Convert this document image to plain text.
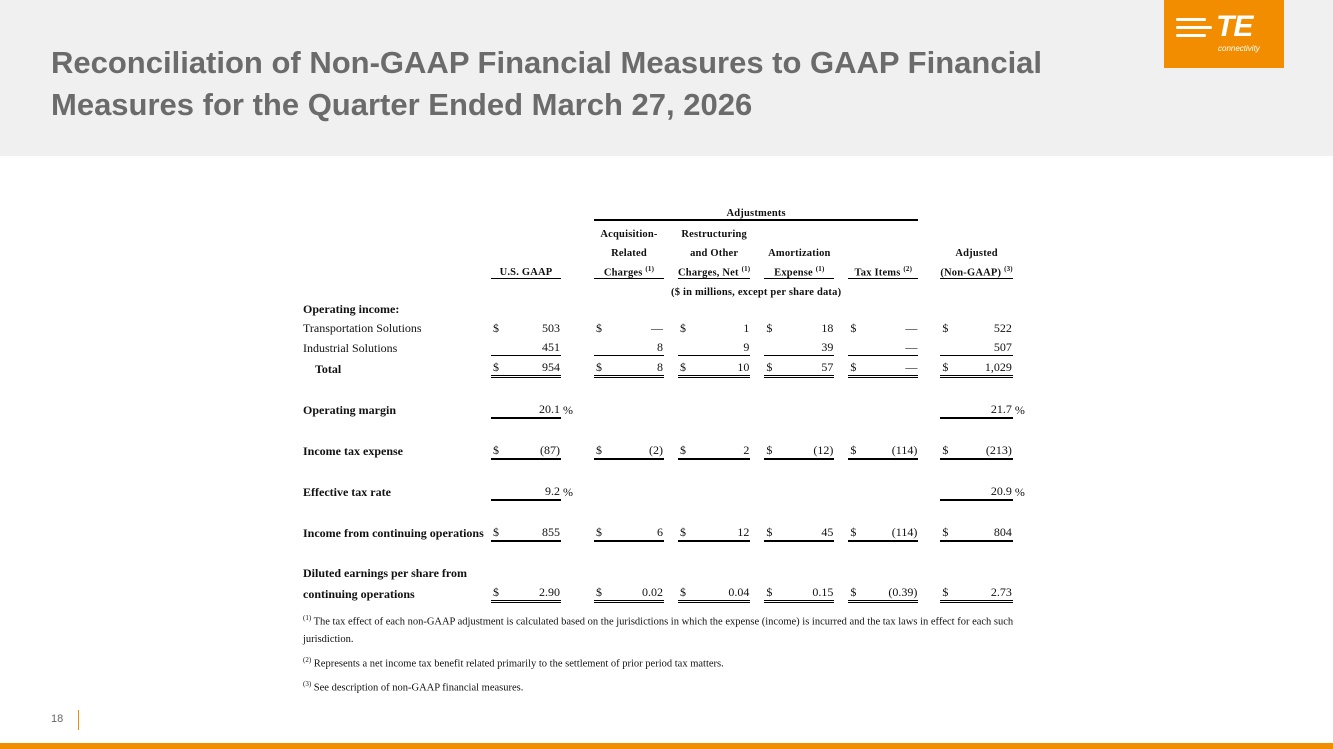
Reconciliation of Non-GAAP Financial Measures to GAAP Financial Measures for the Quarter Ended March 27, 2026
TE
connectivity
				Adjustments														
				Acquisition-			Restructuring											
				Related			and Other			Amortization						Adjusted		
	U.S. GAAP			Charges $^{(1)}$			Charges, Net $^{(1)}$			Expense $^{(1)}$			Tax Items $^{(2)}$			(Non-GAAP) $^{(3)}$	
				($ in millions, except per share data)														
Operating income:																		
Transportation Solutions	$	503		$	—		$	1		$	18		$	—		$	522	
Industrial Solutions		451			8			9			39			—			507	
Total	$	954		$	8		$	10		$	57		$	—		$	1,029	

Operating margin		20.1	%														21.7	%

Income tax expense	$	(87)		$	(2)		$	2		$	(12)		$	(114)		$	(213)	

Effective tax rate		9.2	%														20.9	%

Income from continuing operations	$	855		$	6		$	12		$	45		$	(114)		$	804	

Diluted earnings per share from																		
continuing operations	$	2.90		$	0.02		$	0.04		$	0.15		$	(0.39)		$	2.73	
$^{(1)}$ The tax effect of each non-GAAP adjustment is calculated based on the jurisdictions in which the expense (income) is incurred and the tax laws in effect for each such jurisdiction.
$^{(2)}$ Represents a net income tax benefit related primarily to the settlement of prior period tax matters.
$^{(3)}$ See description of non-GAAP financial measures.
18
